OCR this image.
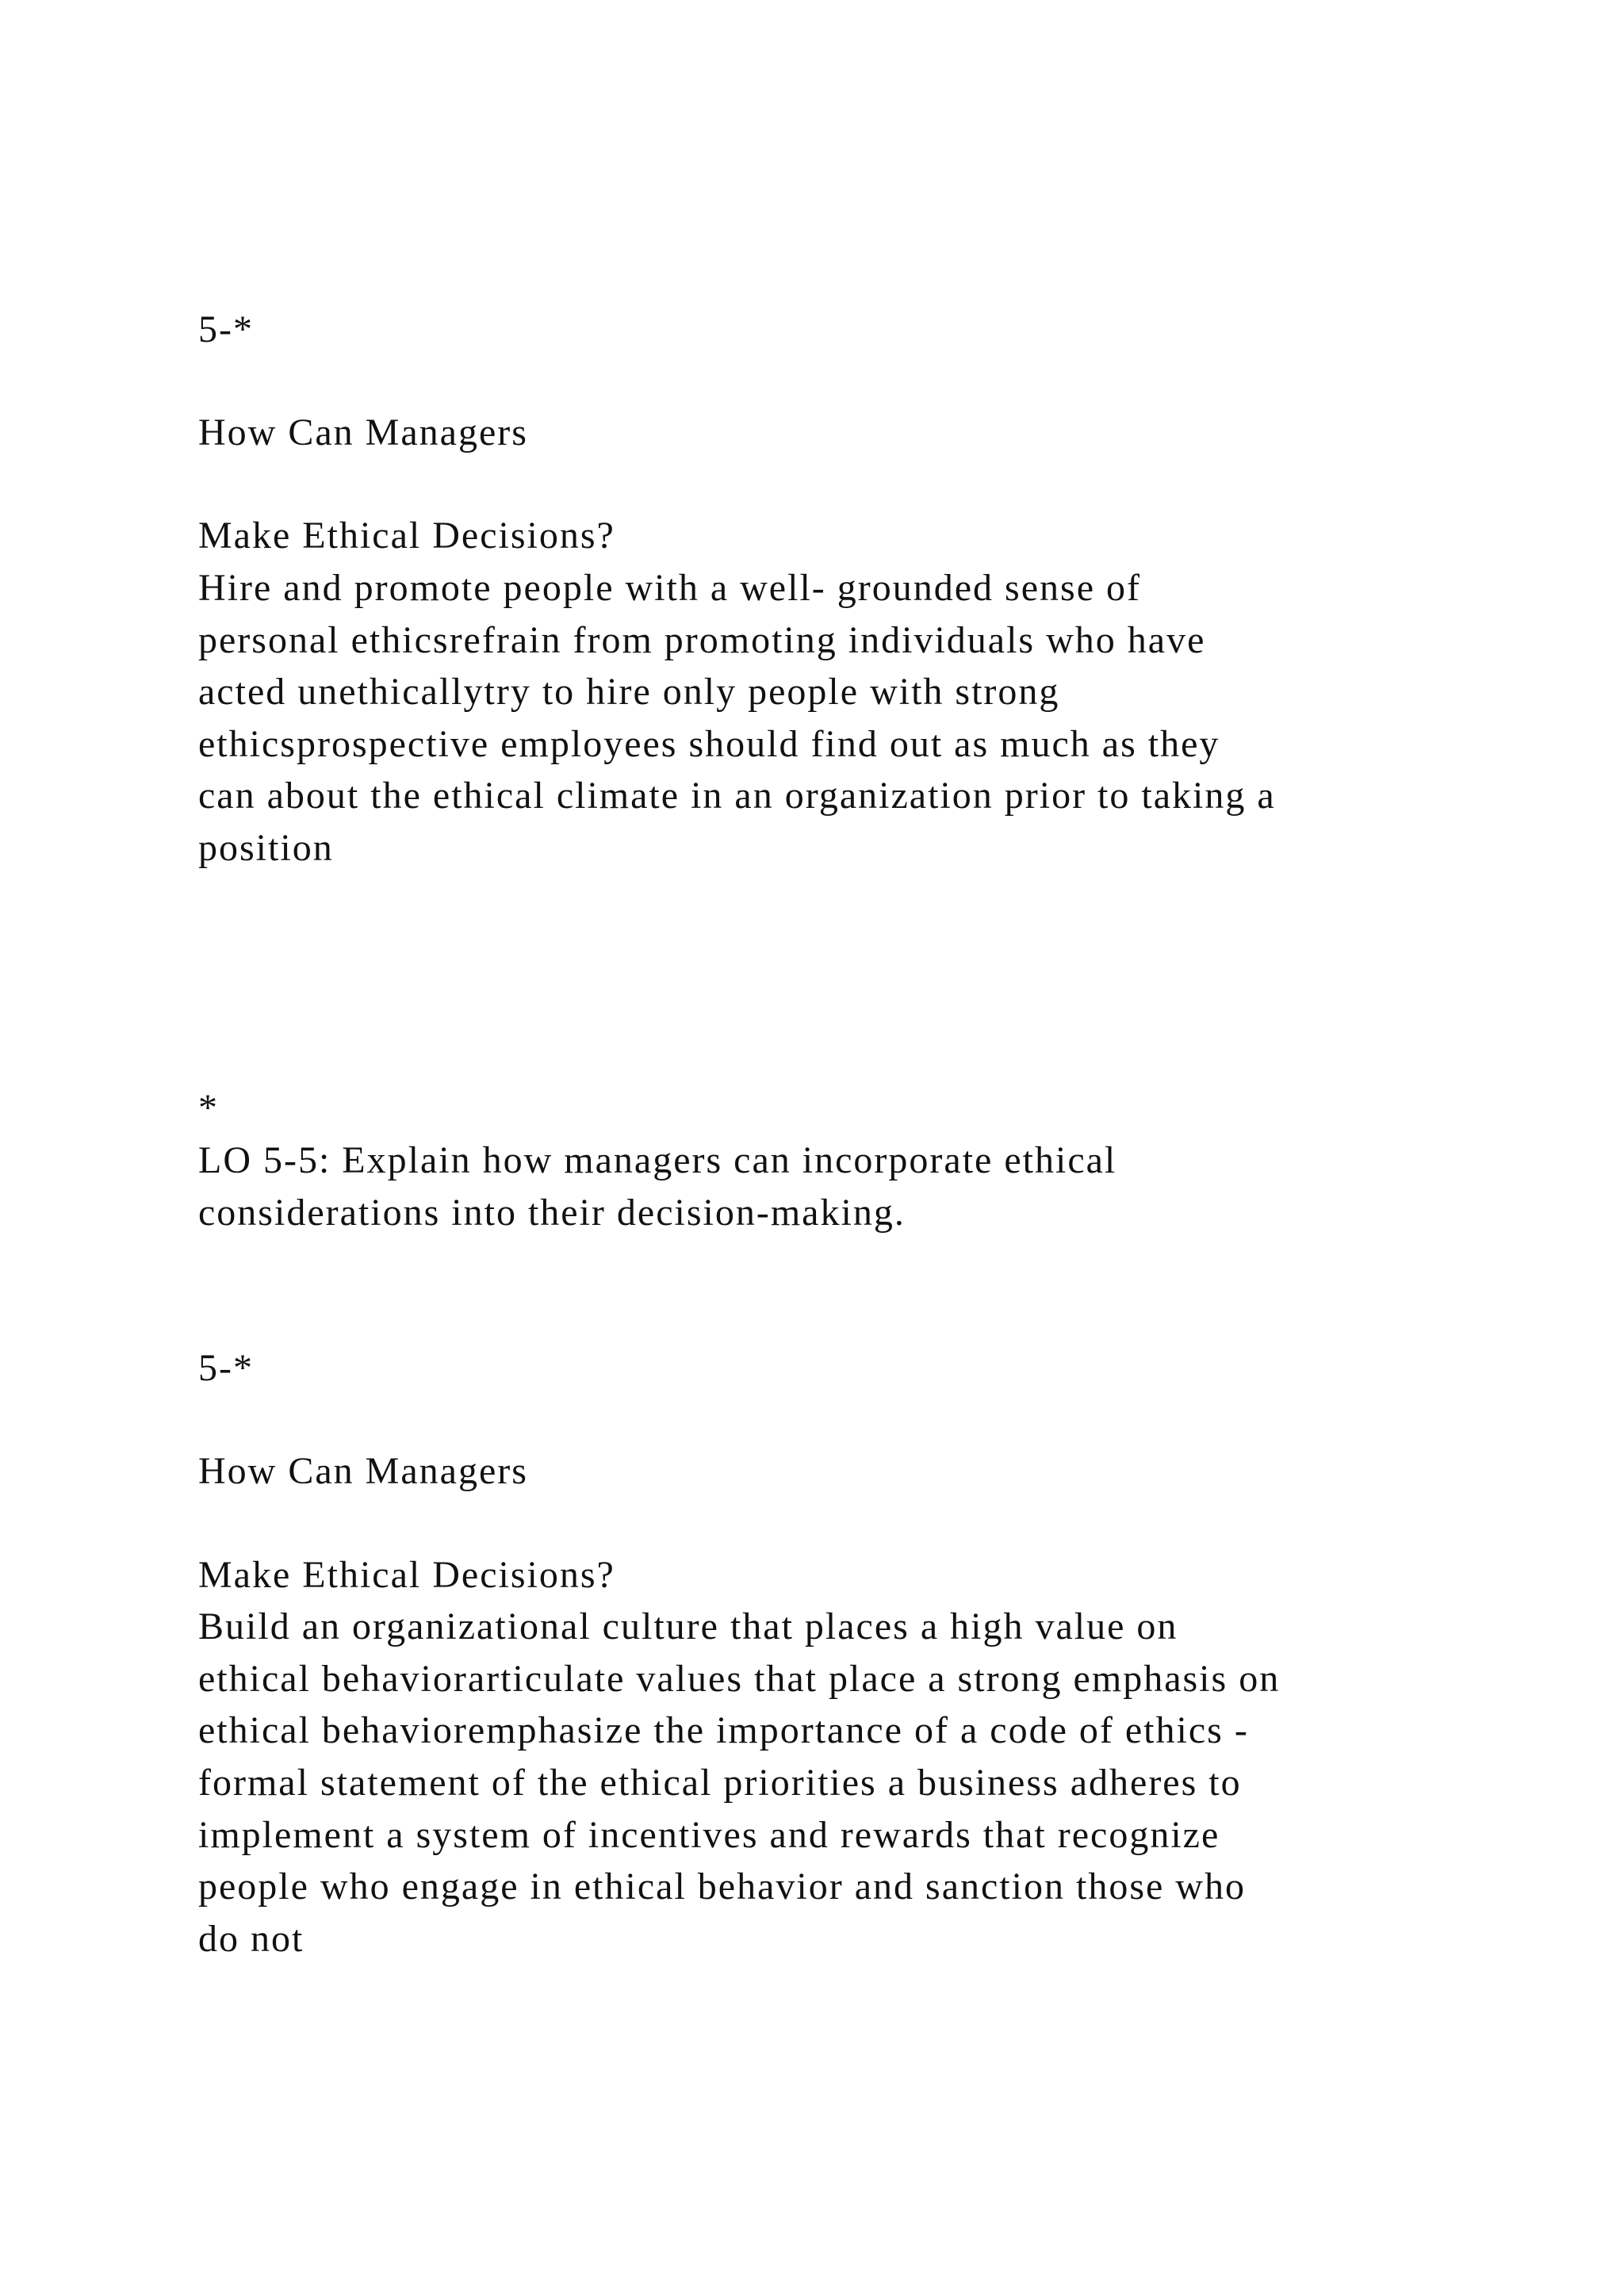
5-*

How Can Managers

Make Ethical Decisions?

Hire and promote people with a well- grounded sense of

personal ethicsrefrain from promoting individuals who have

acted unethicallytry to hire only people with strong

ethicsprospective employees should find out as much as they

can about the ethical climate in an organization prior to taking a

position

*

LO 5-5: Explain how managers can incorporate ethical

considerations into their decision-making.

5-*

How Can Managers

Make Ethical Decisions?

Build an organizational culture that places a high value on

ethical behaviorarticulate values that place a strong emphasis on

ethical behavioremphasize the importance of a code of ethics -

formal statement of the ethical priorities a business adheres to

implement a system of incentives and rewards that recognize

people who engage in ethical behavior and sanction those who

do not
